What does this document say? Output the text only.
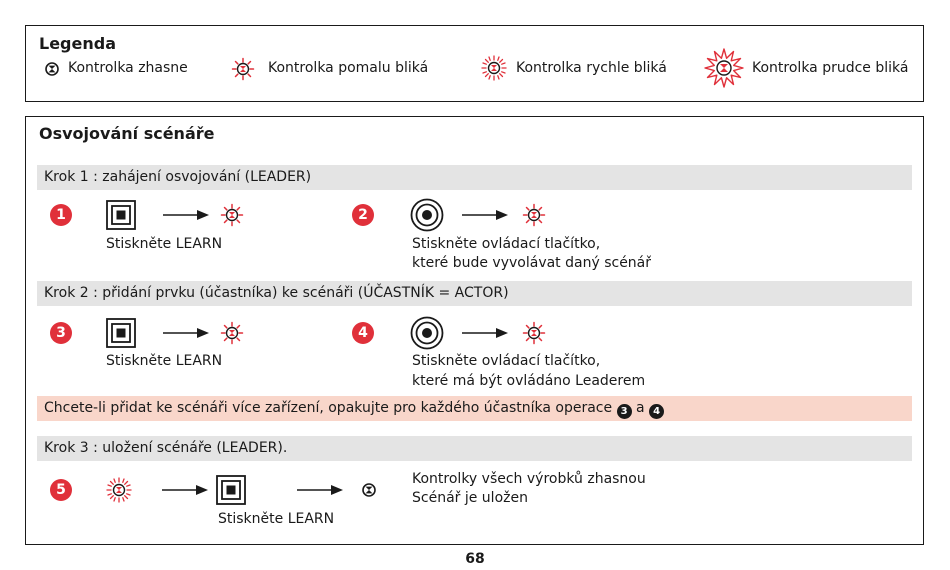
Legenda
Kontrolka zhasne	Kontrolka pomalu bliká	Kontrolka rychle bliká	Kontrolka prudce bliká
Osvojování scénáře
Krok 1 : zahájení osvojování (LEADER)
1
Stiskněte LEARN
2
Stiskněte ovládací tlačítko,
které bude vyvolávat daný scénář
Krok 2 : přidání prvku (účastníka) ke scénáři (ÚČASTNÍK = ACTOR)
3
Stiskněte LEARN
4
Stiskněte ovládací tlačítko,
které má být ovládáno Leaderem
Chcete-li přidat ke scénáři více zařízení, opakujte pro každého účastníka operace 3 a 4
Krok 3 : uložení scénáře (LEADER).
5
Stiskněte LEARN
Kontrolky všech výrobků zhasnou
Scénář je uložen
68
